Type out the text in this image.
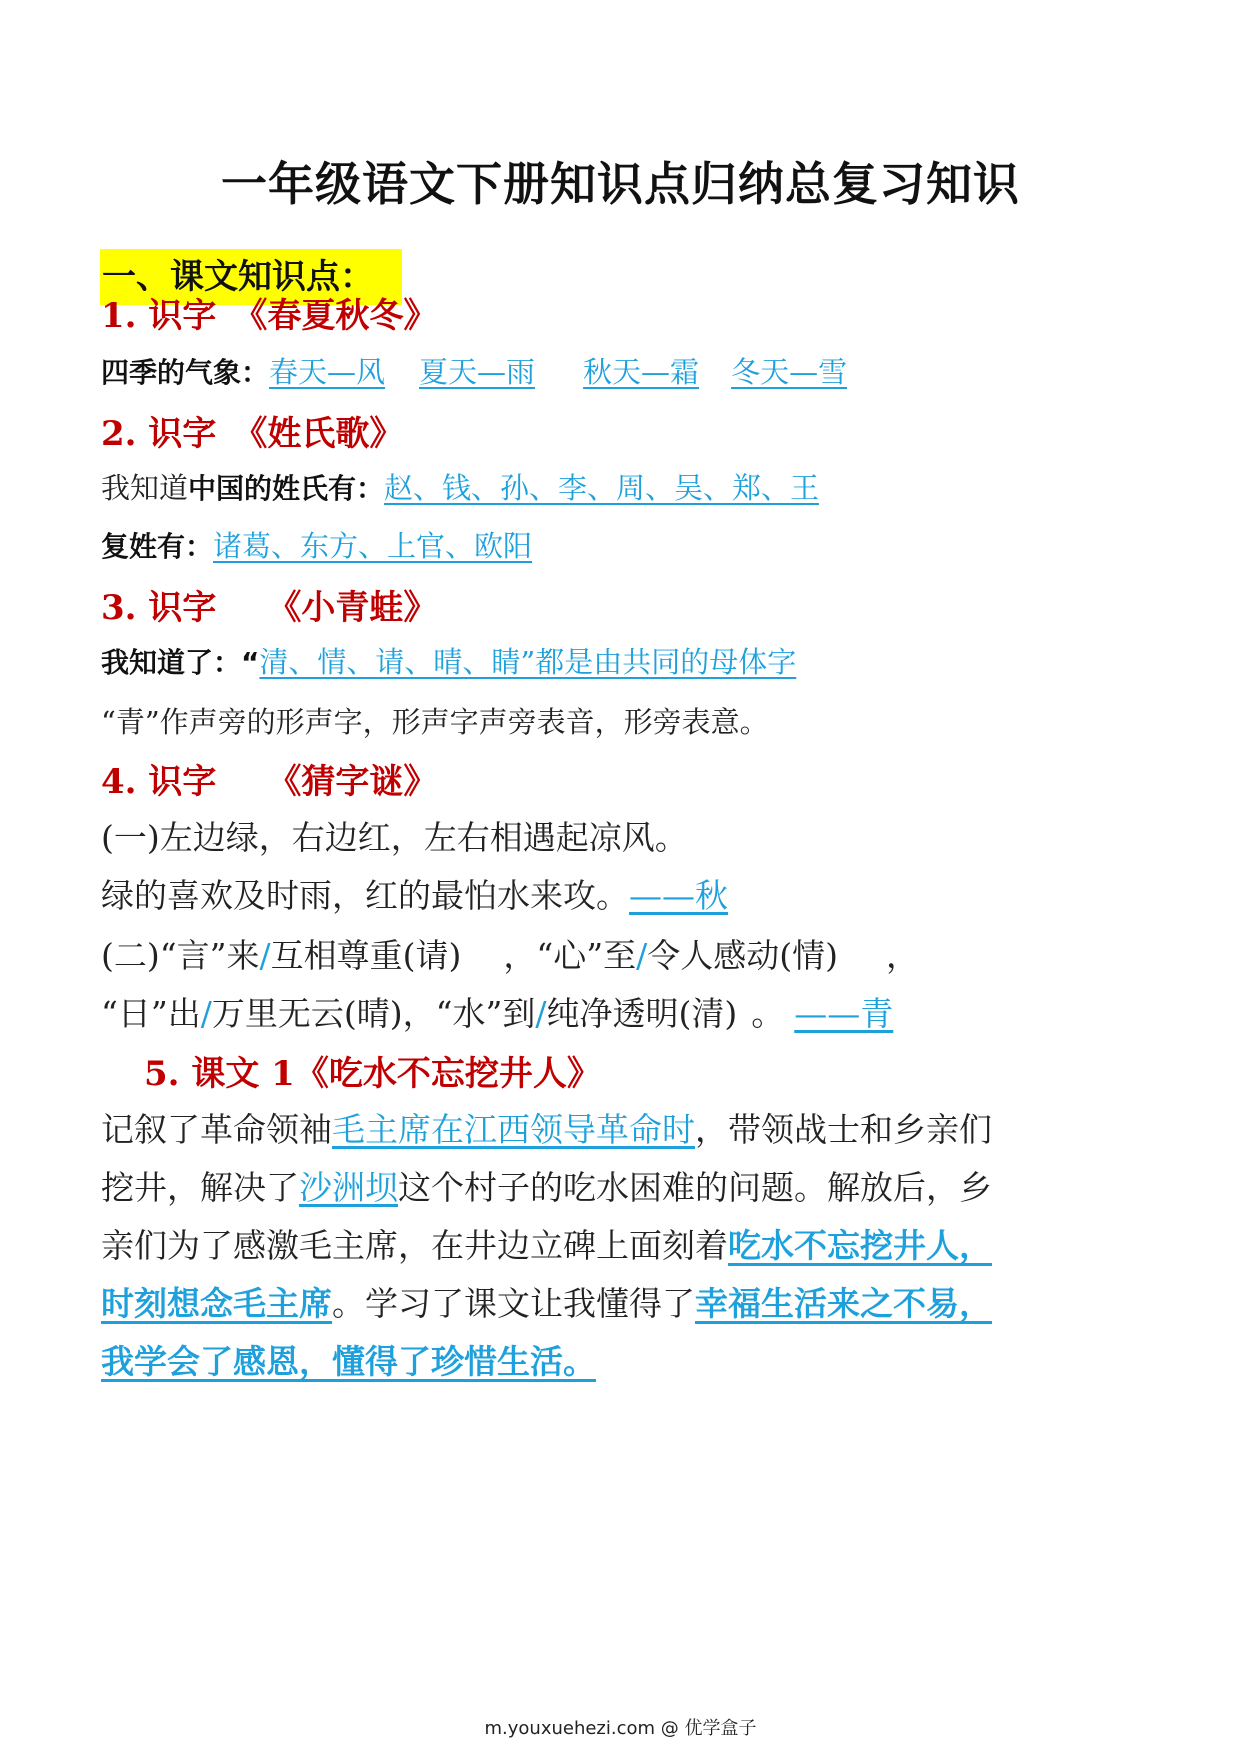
一年级语文下册知识点归纳总复习知识
一、课文知识点：
1. 识字　《春夏秋冬》
四季的气象：春天—风 夏天—雨 秋天—霜 冬天—雪
2. 识字　《姓氏歌》
我知道中国的姓氏有：赵、钱、孙、李、周、吴、郑、王
复姓有：诸葛、东方、上官、欧阳
3. 识字　　《小青蛙》
我知道了：“清、情、请、晴、睛”都是由共同的母体字
“青”作声旁的形声字，形声字声旁表音，形旁表意。
4. 识字　　《猜字谜》
(一)左边绿，右边红，左右相遇起凉风。
绿的喜欢及时雨，红的最怕水来攻。——秋
(二)“言”来/互相尊重(请) ，“心”至/令人感动(情) ，
“日”出/万里无云(晴)，“水”到/纯净透明(清) 。 ——青
5. 课文 1《吃水不忘挖井人》
记叙了革命领袖毛主席在江西领导革命时，带领战士和乡亲们
挖井，解决了沙洲坝这个村子的吃水困难的问题。解放后，乡
亲们为了感激毛主席，在井边立碑上面刻着吃水不忘挖井人，
时刻想念毛主席。学习了课文让我懂得了幸福生活来之不易，
我学会了感恩，懂得了珍惜生活。
m.youxuehezi.com @ 优学盒子
